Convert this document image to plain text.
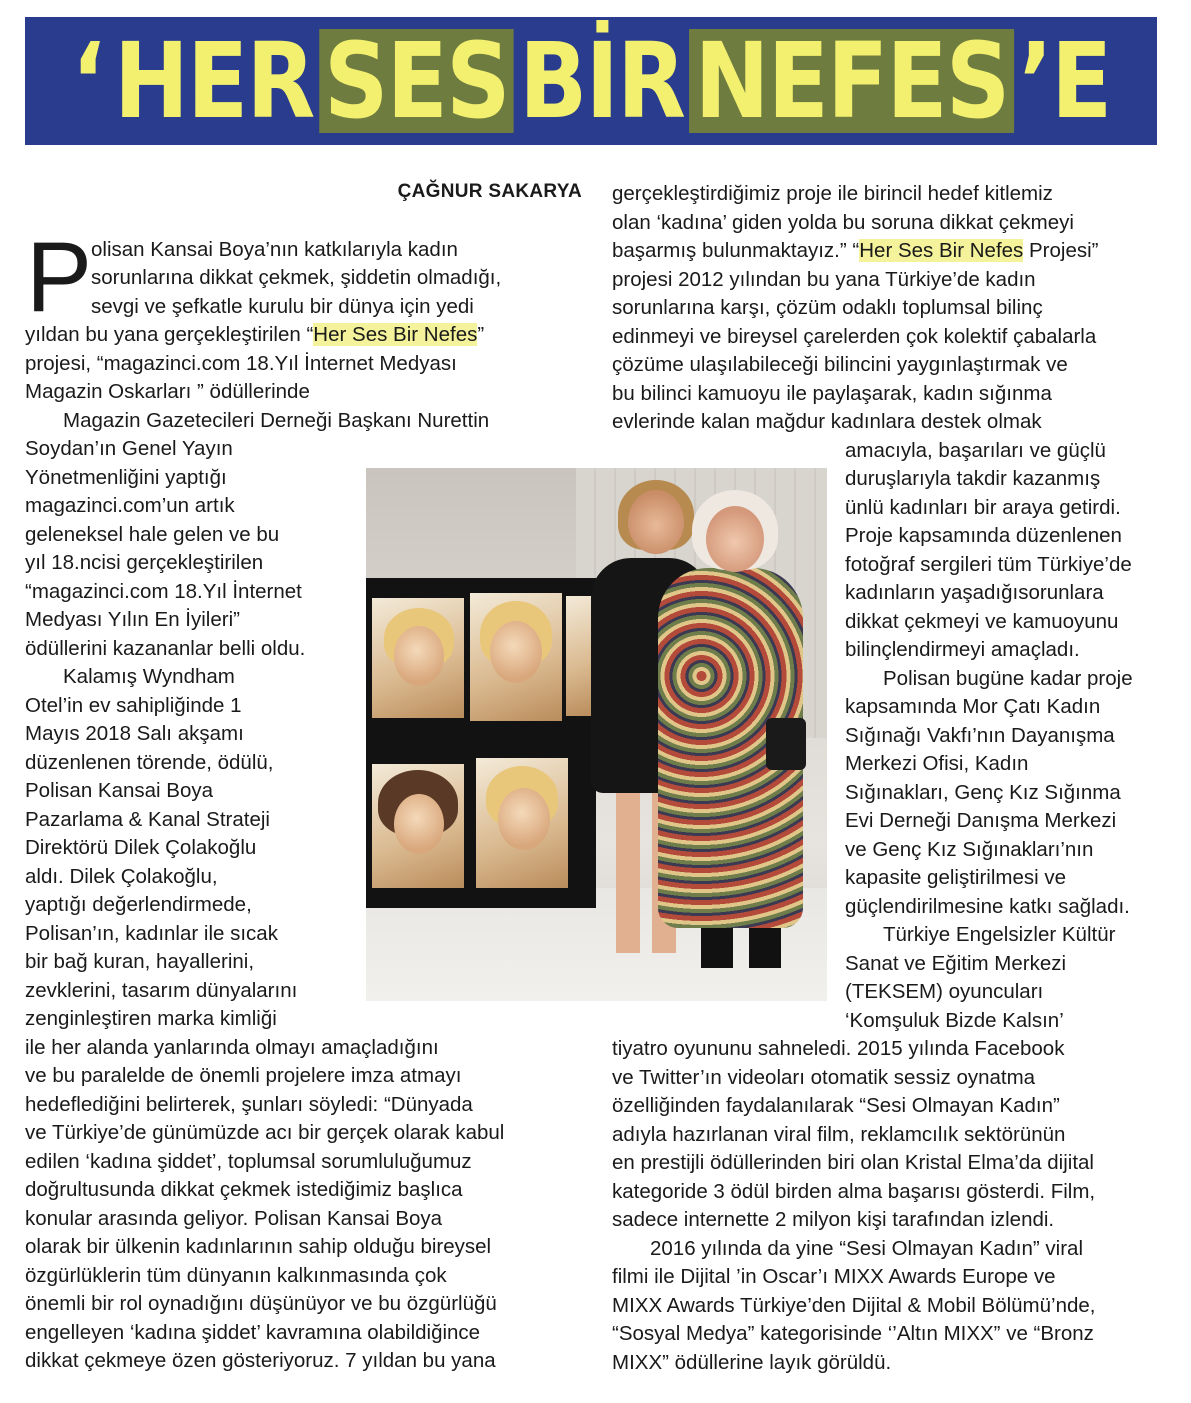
‘ HER SES BİR NEFES ’E
ÇAĞNUR SAKARYA
P
olisan Kansai Boya’nın katkılarıyla kadın
sorunlarına dikkat çekmek, şiddetin olmadığı,
sevgi ve şefkatle kurulu bir dünya için yedi
yıldan bu yana gerçekleştirilen “Her Ses Bir Nefes”
projesi, “magazinci.com 18.Yıl İnternet Medyası
Magazin Oskarları ” ödüllerinde
Magazin Gazetecileri Derneği Başkanı Nurettin
Soydan’ın Genel Yayın
Yönetmenliğini yaptığı
magazinci.com’un artık
geleneksel hale gelen ve bu
yıl 18.ncisi gerçekleştirilen
“magazinci.com 18.Yıl İnternet
Medyası Yılın En İyileri”
ödüllerini kazananlar belli oldu.
Kalamış Wyndham
Otel’in ev sahipliğinde 1
Mayıs 2018 Salı akşamı
düzenlenen törende, ödülü,
Polisan Kansai Boya
Pazarlama & Kanal Strateji
Direktörü Dilek Çolakoğlu
aldı. Dilek Çolakoğlu,
yaptığı değerlendirmede,
Polisan’ın, kadınlar ile sıcak
bir bağ kuran, hayallerini,
zevklerini, tasarım dünyalarını
zenginleştiren marka kimliği
ile her alanda yanlarında olmayı amaçladığını
ve bu paralelde de önemli projelere imza atmayı
hedeflediğini belirterek, şunları söyledi: “Dünyada
ve Türkiye’de günümüzde acı bir gerçek olarak kabul
edilen ‘kadına şiddet’, toplumsal sorumluluğumuz
doğrultusunda dikkat çekmek istediğimiz başlıca
konular arasında geliyor. Polisan Kansai Boya
olarak bir ülkenin kadınlarının sahip olduğu bireysel
özgürlüklerin tüm dünyanın kalkınmasında çok
önemli bir rol oynadığını düşünüyor ve bu özgürlüğü
engelleyen ‘kadına şiddet’ kavramına olabildiğince
dikkat çekmeye özen gösteriyoruz. 7 yıldan bu yana
gerçekleştirdiğimiz proje ile birincil hedef kitlemiz
olan ‘kadına’ giden yolda bu soruna dikkat çekmeyi
başarmış bulunmaktayız.” “Her Ses Bir Nefes Projesi”
projesi 2012 yılından bu yana Türkiye’de kadın
sorunlarına karşı, çözüm odaklı toplumsal bilinç
edinmeyi ve bireysel çarelerden çok kolektif çabalarla
çözüme ulaşılabileceği bilincini yaygınlaştırmak ve
bu bilinci kamuoyu ile paylaşarak, kadın sığınma
evlerinde kalan mağdur kadınlara destek olmak
amacıyla, başarıları ve güçlü
duruşlarıyla takdir kazanmış
ünlü kadınları bir araya getirdi.
Proje kapsamında düzenlenen
fotoğraf sergileri tüm Türkiye’de
kadınların yaşadığısorunlara
dikkat çekmeyi ve kamuoyunu
bilinçlendirmeyi amaçladı.
Polisan bugüne kadar proje
kapsamında Mor Çatı Kadın
Sığınağı Vakfı’nın Dayanışma
Merkezi Ofisi, Kadın
Sığınakları, Genç Kız Sığınma
Evi Derneği Danışma Merkezi
ve Genç Kız Sığınakları’nın
kapasite geliştirilmesi ve
güçlendirilmesine katkı sağladı.
Türkiye Engelsizler Kültür
Sanat ve Eğitim Merkezi
(TEKSEM) oyuncuları
‘Komşuluk Bizde Kalsın’
tiyatro oyununu sahneledi. 2015 yılında Facebook
ve Twitter’ın videoları otomatik sessiz oynatma
özelliğinden faydalanılarak “Sesi Olmayan Kadın”
adıyla hazırlanan viral film, reklamcılık sektörünün
en prestijli ödüllerinden biri olan Kristal Elma’da dijital
kategoride 3 ödül birden alma başarısı gösterdi. Film,
sadece internette 2 milyon kişi tarafından izlendi.
2016 yılında da yine “Sesi Olmayan Kadın” viral
filmi ile Dijital ’in Oscar’ı MIXX Awards Europe ve
MIXX Awards Türkiye’den Dijital & Mobil Bölümü’nde,
“Sosyal Medya” kategorisinde ‘’Altın MIXX” ve “Bronz
MIXX” ödüllerine layık görüldü.
